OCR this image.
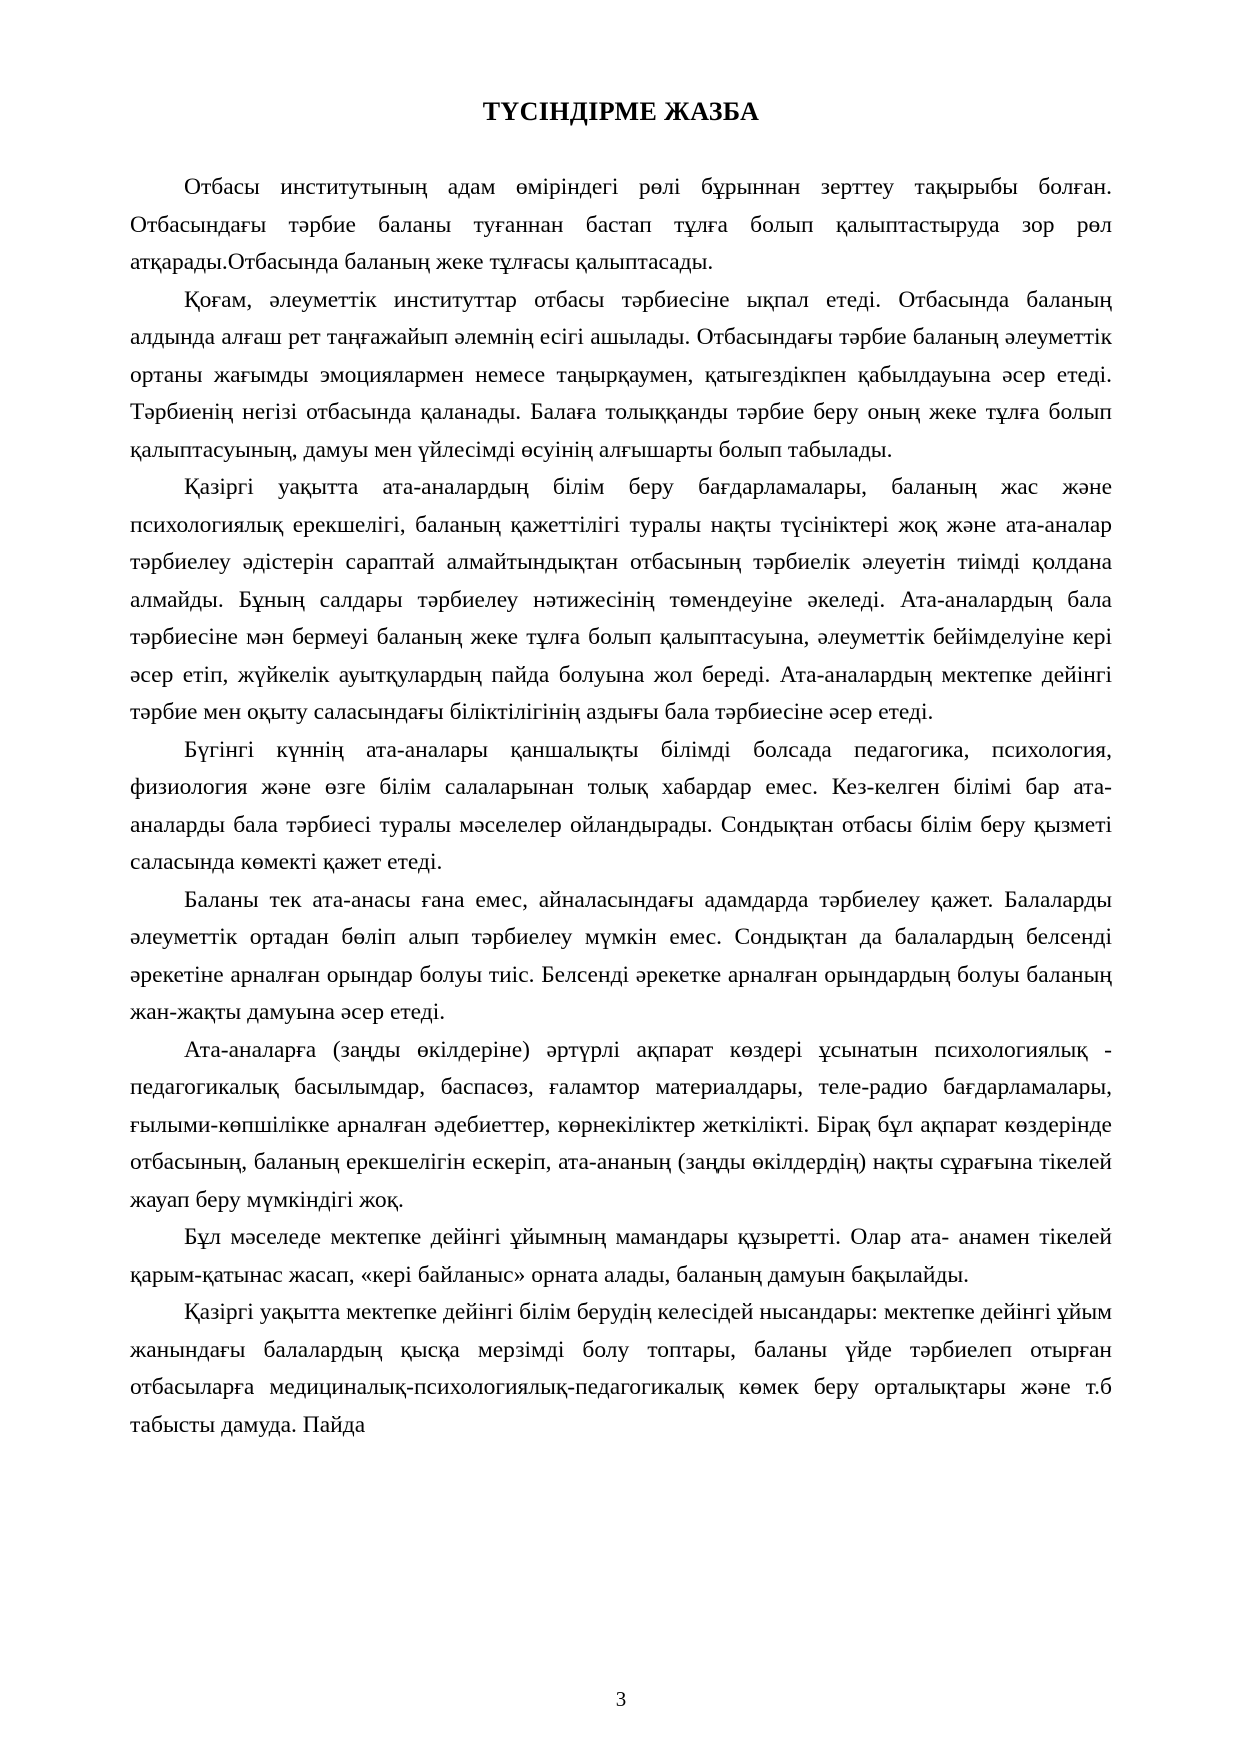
ТҮСІНДІРМЕ ЖАЗБА

Отбасы институтының адам өміріндегі рөлі бұрыннан зерттеу тақырыбы болған. Отбасындағы тәрбие баланы туғаннан бастап тұлға болып қалыптастыруда зор рөл атқарады.Отбасында баланың жеке тұлғасы қалыптасады.

Қоғам, әлеуметтік институттар отбасы тәрбиесіне ықпал етеді. Отбасында баланың алдында алғаш рет таңғажайып әлемнің есігі ашылады. Отбасындағы тәрбие баланың әлеуметтік ортаны жағымды эмоциялармен немесе таңырқаумен, қатыгездікпен қабылдауына әсер етеді. Тәрбиенің негізі отбасында қаланады. Балаға толыққанды тәрбие беру оның жеке тұлға болып қалыптасуының, дамуы мен үйлесімді өсуінің алғышарты болып табылады.

Қазіргі уақытта ата-аналардың білім беру бағдарламалары, баланың жас және психологиялық ерекшелігі, баланың қажеттілігі туралы нақты түсініктері жоқ және ата-аналар тәрбиелеу әдістерін сараптай алмайтындықтан отбасының тәрбиелік әлеуетін тиімді қолдана алмайды. Бұның салдары тәрбиелеу нәтижесінің төмендеуіне әкеледі. Ата-аналардың бала тәрбиесіне мән бермеуі баланың жеке тұлға болып қалыптасуына, әлеуметтік бейімделуіне кері әсер етіп, жүйкелік ауытқулардың пайда болуына жол береді. Ата-аналардың мектепке дейінгі тәрбие мен оқыту саласындағы біліктілігінің аздығы бала тәрбиесіне әсер етеді.

Бүгінгі күннің ата-аналары қаншалықты білімді болсада педагогика, психология, физиология және өзге білім салаларынан толық хабардар емес. Кез-келген білімі бар ата-аналарды бала тәрбиесі туралы мәселелер ойландырады. Сондықтан отбасы білім беру қызметі саласында көмекті қажет етеді.

Баланы тек ата-анасы ғана емес, айналасындағы адамдарда тәрбиелеу қажет. Балаларды әлеуметтік ортадан бөліп алып тәрбиелеу мүмкін емес. Сондықтан да балалардың белсенді әрекетіне арналған орындар болуы тиіс. Белсенді әрекетке арналған орындардың болуы баланың жан-жақты дамуына әсер етеді.

Ата-аналарға (заңды өкілдеріне) әртүрлі ақпарат көздері ұсынатын психологиялық - педагогикалық басылымдар, баспасөз, ғаламтор материалдары, теле-радио бағдарламалары, ғылыми-көпшілікке арналған әдебиеттер, көрнекіліктер жеткілікті. Бірақ бұл ақпарат көздерінде отбасының, баланың ерекшелігін ескеріп, ата-ананың (заңды өкілдердің) нақты сұрағына тікелей жауап беру мүмкіндігі жоқ.

Бұл мәселеде мектепке дейінгі ұйымның мамандары құзыретті. Олар ата- анамен тікелей қарым-қатынас жасап, «кері байланыс» орната алады, баланың дамуын бақылайды.

Қазіргі уақытта мектепке дейінгі білім берудің келесідей нысандары: мектепке дейінгі ұйым жанындағы балалардың қысқа мерзімді болу топтары, баланы үйде тәрбиелеп отырған отбасыларға медициналық-психологиялық-педагогикалық көмек беру орталықтары және т.б табысты дамуда. Пайда

3
